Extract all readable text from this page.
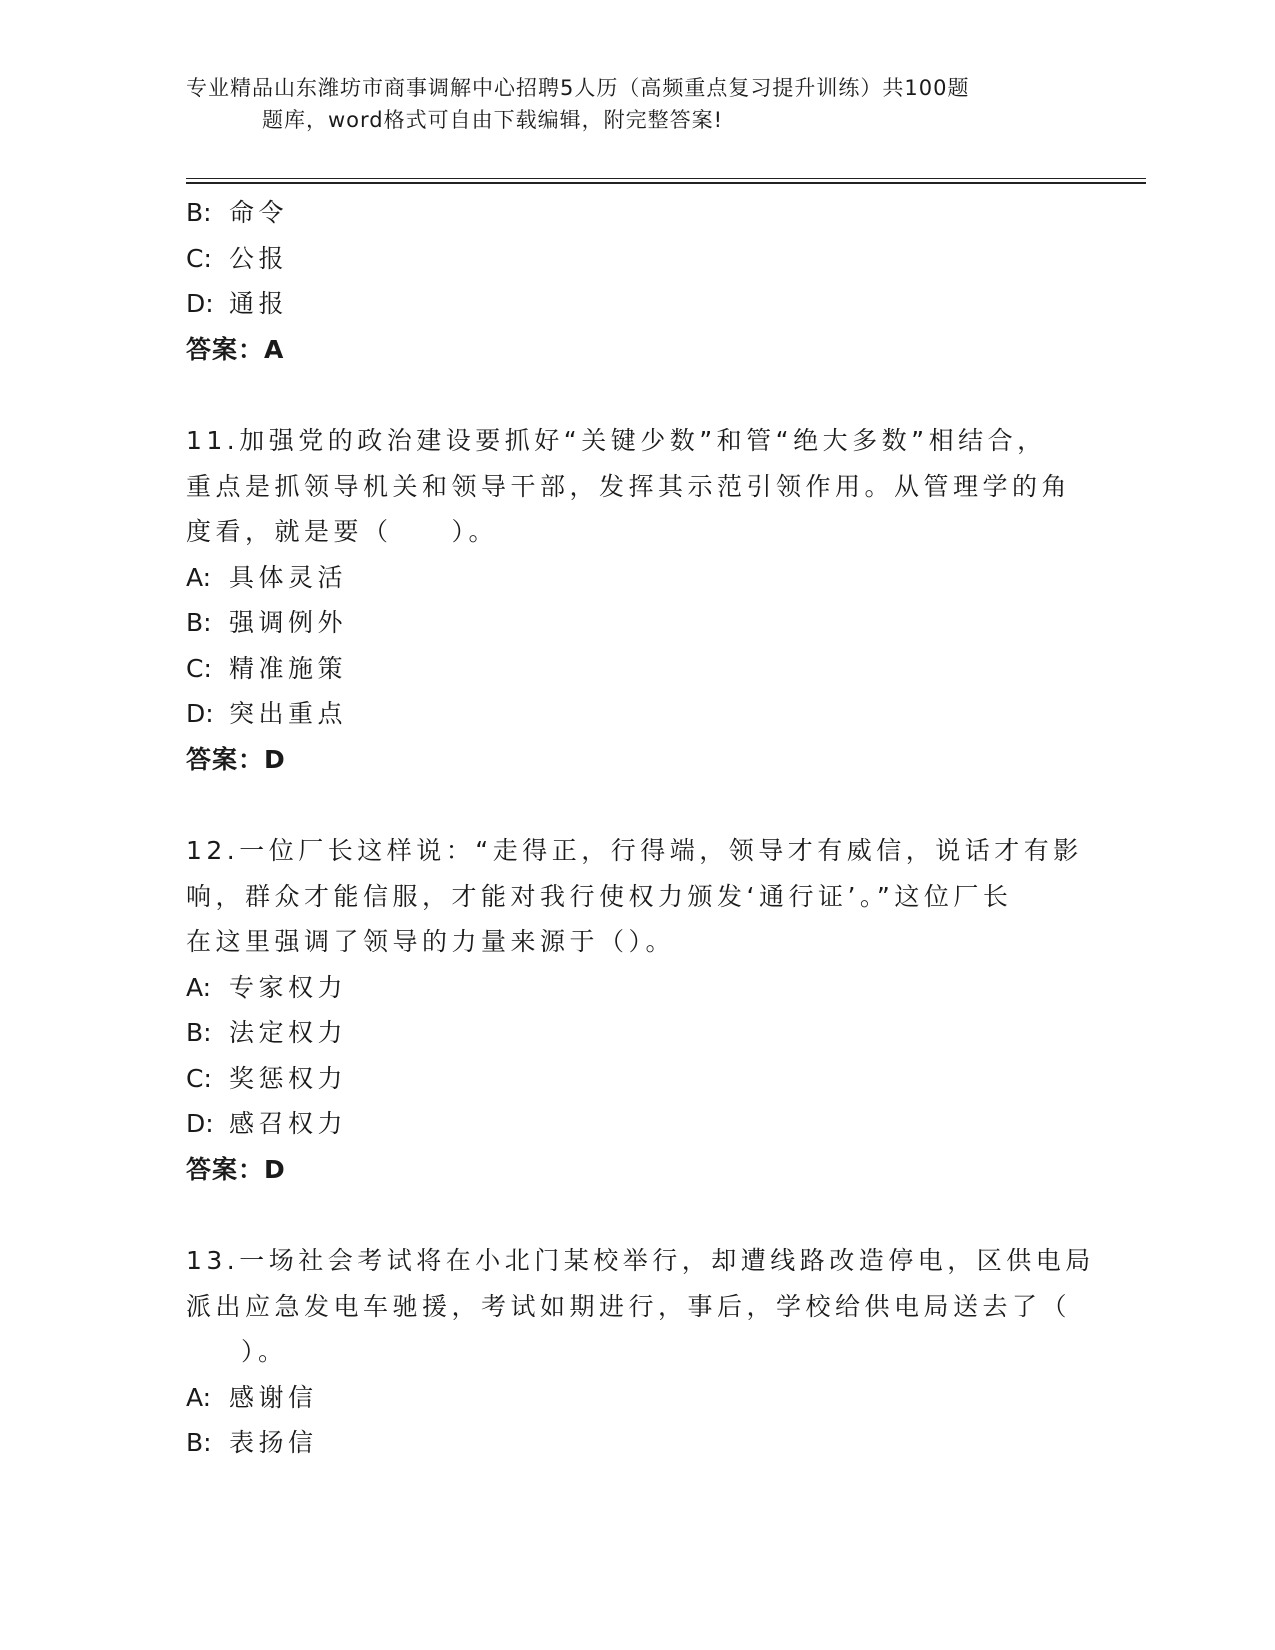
专业精品山东潍坊市商事调解中心招聘5人历（高频重点复习提升训练）共100题
题库，word格式可自由下载编辑，附完整答案!
B: 命令
C: 公报
D: 通报
答案：A
11.加强党的政治建设要抓好“关键少数”和管“绝大多数”相结合，
重点是抓领导机关和领导干部，发挥其示范引领作用。从管理学的角
度看，就是要（　　）。
A: 具体灵活
B: 强调例外
C: 精准施策
D: 突出重点
答案：D
12.一位厂长这样说：“走得正，行得端，领导才有威信，说话才有影
响，群众才能信服，才能对我行使权力颁发‘通行证’。”这位厂长
在这里强调了领导的力量来源于（）。
A: 专家权力
B: 法定权力
C: 奖惩权力
D: 感召权力
答案：D
13.一场社会考试将在小北门某校举行，却遭线路改造停电，区供电局
派出应急发电车驰援，考试如期进行，事后，学校给供电局送去了（
）。
A: 感谢信
B: 表扬信
